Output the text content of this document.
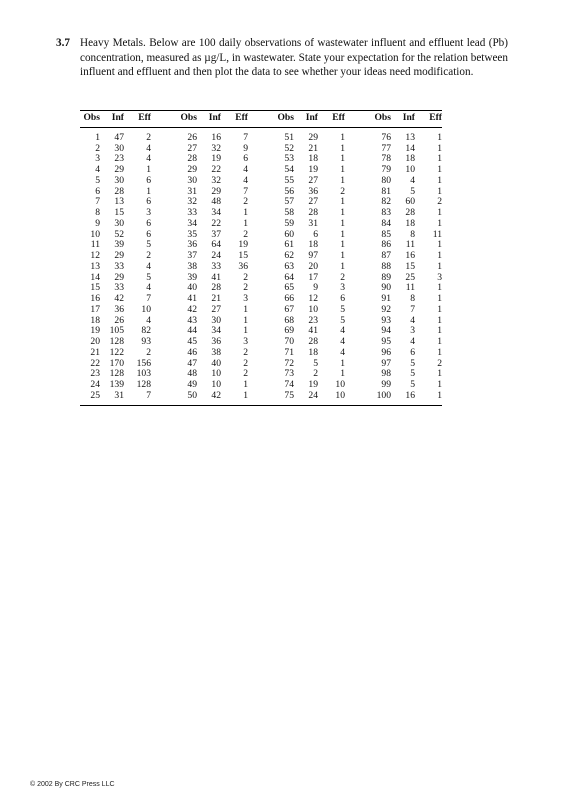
3.7 Heavy Metals. Below are 100 daily observations of wastewater influent and effluent lead (Pb) concentration, measured as µg/L, in wastewater. State your expectation for the relation between influent and effluent and then plot the data to see whether your ideas need modification.
Obs	Inf	Eff		Obs	Inf	Eff		Obs	Inf	Eff		Obs	Inf	Eff
1	47	2		26	16	7		51	29	1		76	13	1
2	30	4		27	32	9		52	21	1		77	14	1
3	23	4		28	19	6		53	18	1		78	18	1
4	29	1		29	22	4		54	19	1		79	10	1
5	30	6		30	32	4		55	27	1		80	4	1
6	28	1		31	29	7		56	36	2		81	5	1
7	13	6		32	48	2		57	27	1		82	60	2
8	15	3		33	34	1		58	28	1		83	28	1
9	30	6		34	22	1		59	31	1		84	18	1
10	52	6		35	37	2		60	6	1		85	8	11
11	39	5		36	64	19		61	18	1		86	11	1
12	29	2		37	24	15		62	97	1		87	16	1
13	33	4		38	33	36		63	20	1		88	15	1
14	29	5		39	41	2		64	17	2		89	25	3
15	33	4		40	28	2		65	9	3		90	11	1
16	42	7		41	21	3		66	12	6		91	8	1
17	36	10		42	27	1		67	10	5		92	7	1
18	26	4		43	30	1		68	23	5		93	4	1
19	105	82		44	34	1		69	41	4		94	3	1
20	128	93		45	36	3		70	28	4		95	4	1
21	122	2		46	38	2		71	18	4		96	6	1
22	170	156		47	40	2		72	5	1		97	5	2
23	128	103		48	10	2		73	2	1		98	5	1
24	139	128		49	10	1		74	19	10		99	5	1
25	31	7		50	42	1		75	24	10		100	16	1
© 2002 By CRC Press LLC
